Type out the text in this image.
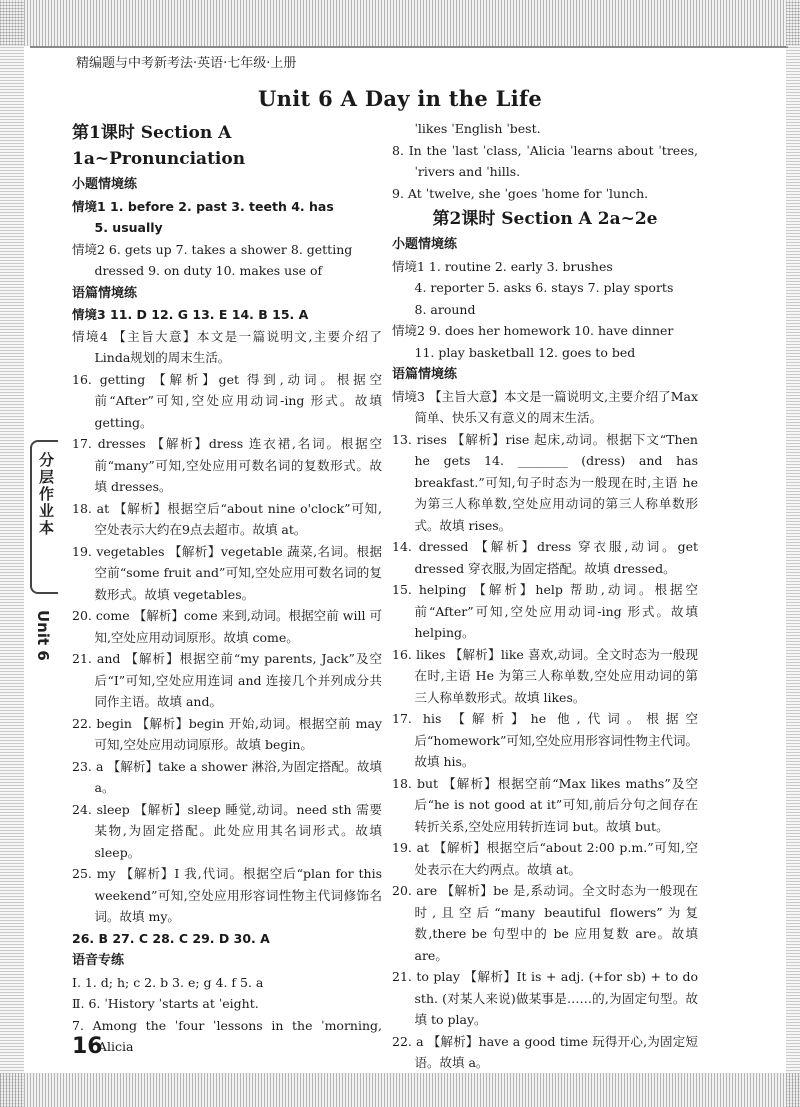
精编题与中考新考法·英语·七年级·上册
Unit 6 A Day in the Life
第1课时 Section A 1a~Pronunciation
小题情境练
情境1 1. before 2. past 3. teeth 4. has
5. usually
情境2 6. gets up 7. takes a shower 8. getting
dressed 9. on duty 10. makes use of
语篇情境练
情境3 11. D 12. G 13. E 14. B 15. A
情境4 【主旨大意】本文是一篇说明文,主要介绍了Linda规划的周末生活。
16. getting 【解析】get 得到,动词。根据空前“After”可知,空处应用动词-ing 形式。故填 getting。
17. dresses 【解析】dress 连衣裙,名词。根据空前“many”可知,空处应用可数名词的复数形式。故填 dresses。
18. at 【解析】根据空后“about nine o'clock”可知,空处表示大约在9点去超市。故填 at。
19. vegetables 【解析】vegetable 蔬菜,名词。根据空前“some fruit and”可知,空处应用可数名词的复数形式。故填 vegetables。
20. come 【解析】come 来到,动词。根据空前 will 可知,空处应用动词原形。故填 come。
21. and 【解析】根据空前“my parents, Jack”及空后“I”可知,空处应用连词 and 连接几个并列成分共同作主语。故填 and。
22. begin 【解析】begin 开始,动词。根据空前 may 可知,空处应用动词原形。故填 begin。
23. a 【解析】take a shower 淋浴,为固定搭配。故填 a。
24. sleep 【解析】sleep 睡觉,动词。need sth 需要某物,为固定搭配。此处应用其名词形式。故填 sleep。
25. my 【解析】I 我,代词。根据空后“plan for this weekend”可知,空处应用形容词性物主代词修饰名词。故填 my。
26. B 27. C 28. C 29. D 30. A
语音专练
Ⅰ. 1. d; h; c 2. b 3. e; g 4. f 5. a
Ⅱ. 6. ˈHistory ˈstarts at ˈeight.
7. Among the ˈfour ˈlessons in the ˈmorning, ˈAlicia
ˈlikes ˈEnglish ˈbest.
8. In the ˈlast ˈclass, ˈAlicia ˈlearns about ˈtrees, ˈrivers and ˈhills.
9. At ˈtwelve, she ˈgoes ˈhome for ˈlunch.
第2课时 Section A 2a~2e
小题情境练
情境1 1. routine 2. early 3. brushes
4. reporter 5. asks 6. stays 7. play sports
8. around
情境2 9. does her homework 10. have dinner
11. play basketball 12. goes to bed
语篇情境练
情境3 【主旨大意】本文是一篇说明文,主要介绍了Max 简单、快乐又有意义的周末生活。
13. rises 【解析】rise 起床,动词。根据下文“Then he gets 14. ________ (dress) and has breakfast.”可知,句子时态为一般现在时,主语 he 为第三人称单数,空处应用动词的第三人称单数形式。故填 rises。
14. dressed 【解析】dress 穿衣服,动词。get dressed 穿衣服,为固定搭配。故填 dressed。
15. helping 【解析】help 帮助,动词。根据空前“After”可知,空处应用动词-ing 形式。故填 helping。
16. likes 【解析】like 喜欢,动词。全文时态为一般现在时,主语 He 为第三人称单数,空处应用动词的第三人称单数形式。故填 likes。
17. his 【解析】he 他,代词。根据空后“homework”可知,空处应用形容词性物主代词。故填 his。
18. but 【解析】根据空前“Max likes maths”及空后“he is not good at it”可知,前后分句之间存在转折关系,空处应用转折连词 but。故填 but。
19. at 【解析】根据空后“about 2:00 p.m.”可知,空处表示在大约两点。故填 at。
20. are 【解析】be 是,系动词。全文时态为一般现在时,且空后“many beautiful flowers”为复数,there be 句型中的 be 应用复数 are。故填 are。
21. to play 【解析】It is + adj. (+for sb) + to do sth. (对某人来说)做某事是……的,为固定句型。故填 to play。
22. a 【解析】have a good time 玩得开心,为固定短语。故填 a。
分层作业本
Unit 6
16
